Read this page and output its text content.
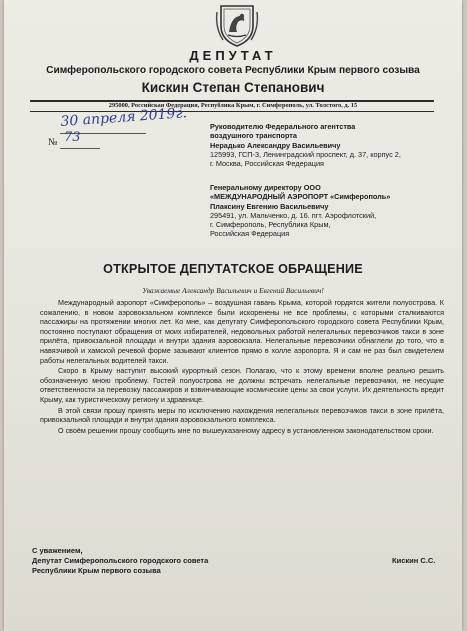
ДЕПУТАТ
Симферопольского городского совета Республики Крым первого созыва
Кискин Степан Степанович
295000, Российская Федерация, Республика Крым, г. Симферополь, ул. Толстого, д. 15
30 апреля 2019г.
№ 73
Руководителю Федерального агентства
воздушного транспорта
Нерадько Александру Васильевичу
125993, ГСП-3, Ленинградский проспект, д. 37, корпус 2,
г. Москва, Российская Федерация
Генеральному директору ООО
«МЕЖДУНАРОДНЫЙ АЭРОПОРТ «Симферополь»
Плаксину Евгению Васильевичу
295491, ул. Мальченко, д. 16. пгт. Аэрофлотский,
г. Симферополь, Республика Крым,
Российская Федерация
ОТКРЫТОЕ ДЕПУТАТСКОЕ ОБРАЩЕНИЕ
Уважаемые Александр Васильевич и Евгений Васильевич!

Международный аэропорт «Симферополь» – воздушная гавань Крыма, которой гордятся жители полуострова. К сожалению, в новом аэровокзальном комплексе были искоренены не все проблемы, с которыми сталкиваются пассажиры на протяжении многих лет. Ко мне, как депутату Симферопольского городского совета Республики Крым, постоянно поступают обращения от моих избирателей, недовольных работой нелегальных перевозчиков такси в зоне прилёта, привокзальной площади и внутри здания аэровокзала. Нелегальные перевозчики обнаглели до того, что в навязчивой и хамской речевой форме зазывают клиентов прямо в холле аэропорта. Я и сам не раз был свидетелем работы нелегальных водителей такси.

Скоро в Крыму наступит высокий курортный сезон. Полагаю, что к этому времени вполне реально решить обозначенную мною проблему. Гостей полуострова не должны встречать нелегальные перевозчики, не несущие ответственности за перевозку пассажиров и взвинчивающие космические цены за свои услуги. Их деятельность вредит Крыму, как туристическому региону и здравнице.

В этой связи прошу принять меры по исключению нахождения нелегальных перевозчиков такси в зоне прилёта, привокзальной площади и внутри здания аэровокзального комплекса.

О своём решении прошу сообщить мне по вышеуказанному адресу в установленном законодательством сроки.

С уважением,
Депутат Симферопольского городского совета
Республики Крым первого созыва
Кискин С.С.
